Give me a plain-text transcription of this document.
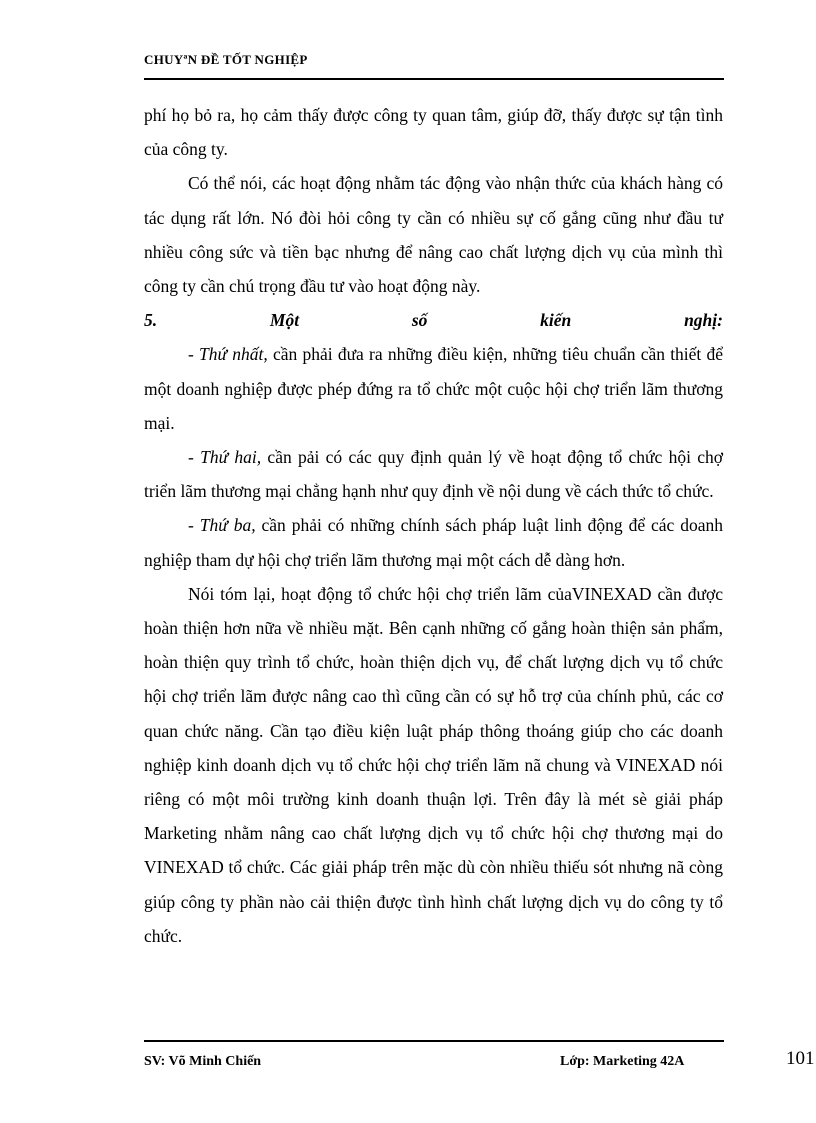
CHUYªN ĐỀ TỐT NGHIỆP

phí họ bỏ ra, họ cảm thấy được công ty quan tâm, giúp đỡ, thấy được sự tận tình của công ty.

Có thể nói, các hoạt động nhằm tác động vào nhận thức của khách hàng có tác dụng rất lớn. Nó đòi hỏi công ty cần có nhiều sự cố gắng cũng như đầu tư nhiều công sức và tiền bạc nhưng để nâng cao chất lượng dịch vụ của mình thì công ty cần chú trọng đầu tư vào hoạt động này.

5.	Một	số	kiến	nghị:

- Thứ nhất, cần phải đưa ra những điều kiện, những tiêu chuẩn cần thiết để một doanh nghiệp được phép đứng ra tổ chức một cuộc hội chợ triển lãm thương mại.

- Thứ hai, cần pải có các quy định quản lý về hoạt động tổ chức hội chợ triển lãm thương mại chẳng hạnh như quy định về nội dung về cách thức tổ chức.

- Thứ ba, cần phải có những chính sách pháp luật linh động để các doanh nghiệp tham dự hội chợ triển lãm thương mại một cách dễ dàng hơn.

Nói tóm lại, hoạt động tổ chức hội chợ triển lãm củaVINEXAD cần được hoàn thiện hơn nữa về nhiều mặt. Bên cạnh những cố gắng hoàn thiện sản phẩm, hoàn thiện quy trình tổ chức, hoàn thiện dịch vụ, để chất lượng dịch vụ tổ chức hội chợ triển lãm được nâng cao thì cũng cần có sự hỗ trợ của chính phủ, các cơ quan chức năng. Cần tạo điều kiện luật pháp thông thoáng giúp cho các doanh nghiệp kinh doanh dịch vụ tổ chức hội chợ triển lãm nã chung và VINEXAD nói riêng có một môi trường kinh doanh thuận lợi. Trên đây là mét sè giải pháp Marketing nhằm nâng cao chất lượng dịch vụ tổ chức hội chợ thương mại do VINEXAD tổ chức. Các giải pháp trên mặc dù còn nhiều thiếu sót nhưng nã còng giúp công ty phần nào cải thiện được tình hình chất lượng dịch vụ do công ty tổ chức.

SV: Võ Minh Chiến	Lớp: Marketing 42A	101
